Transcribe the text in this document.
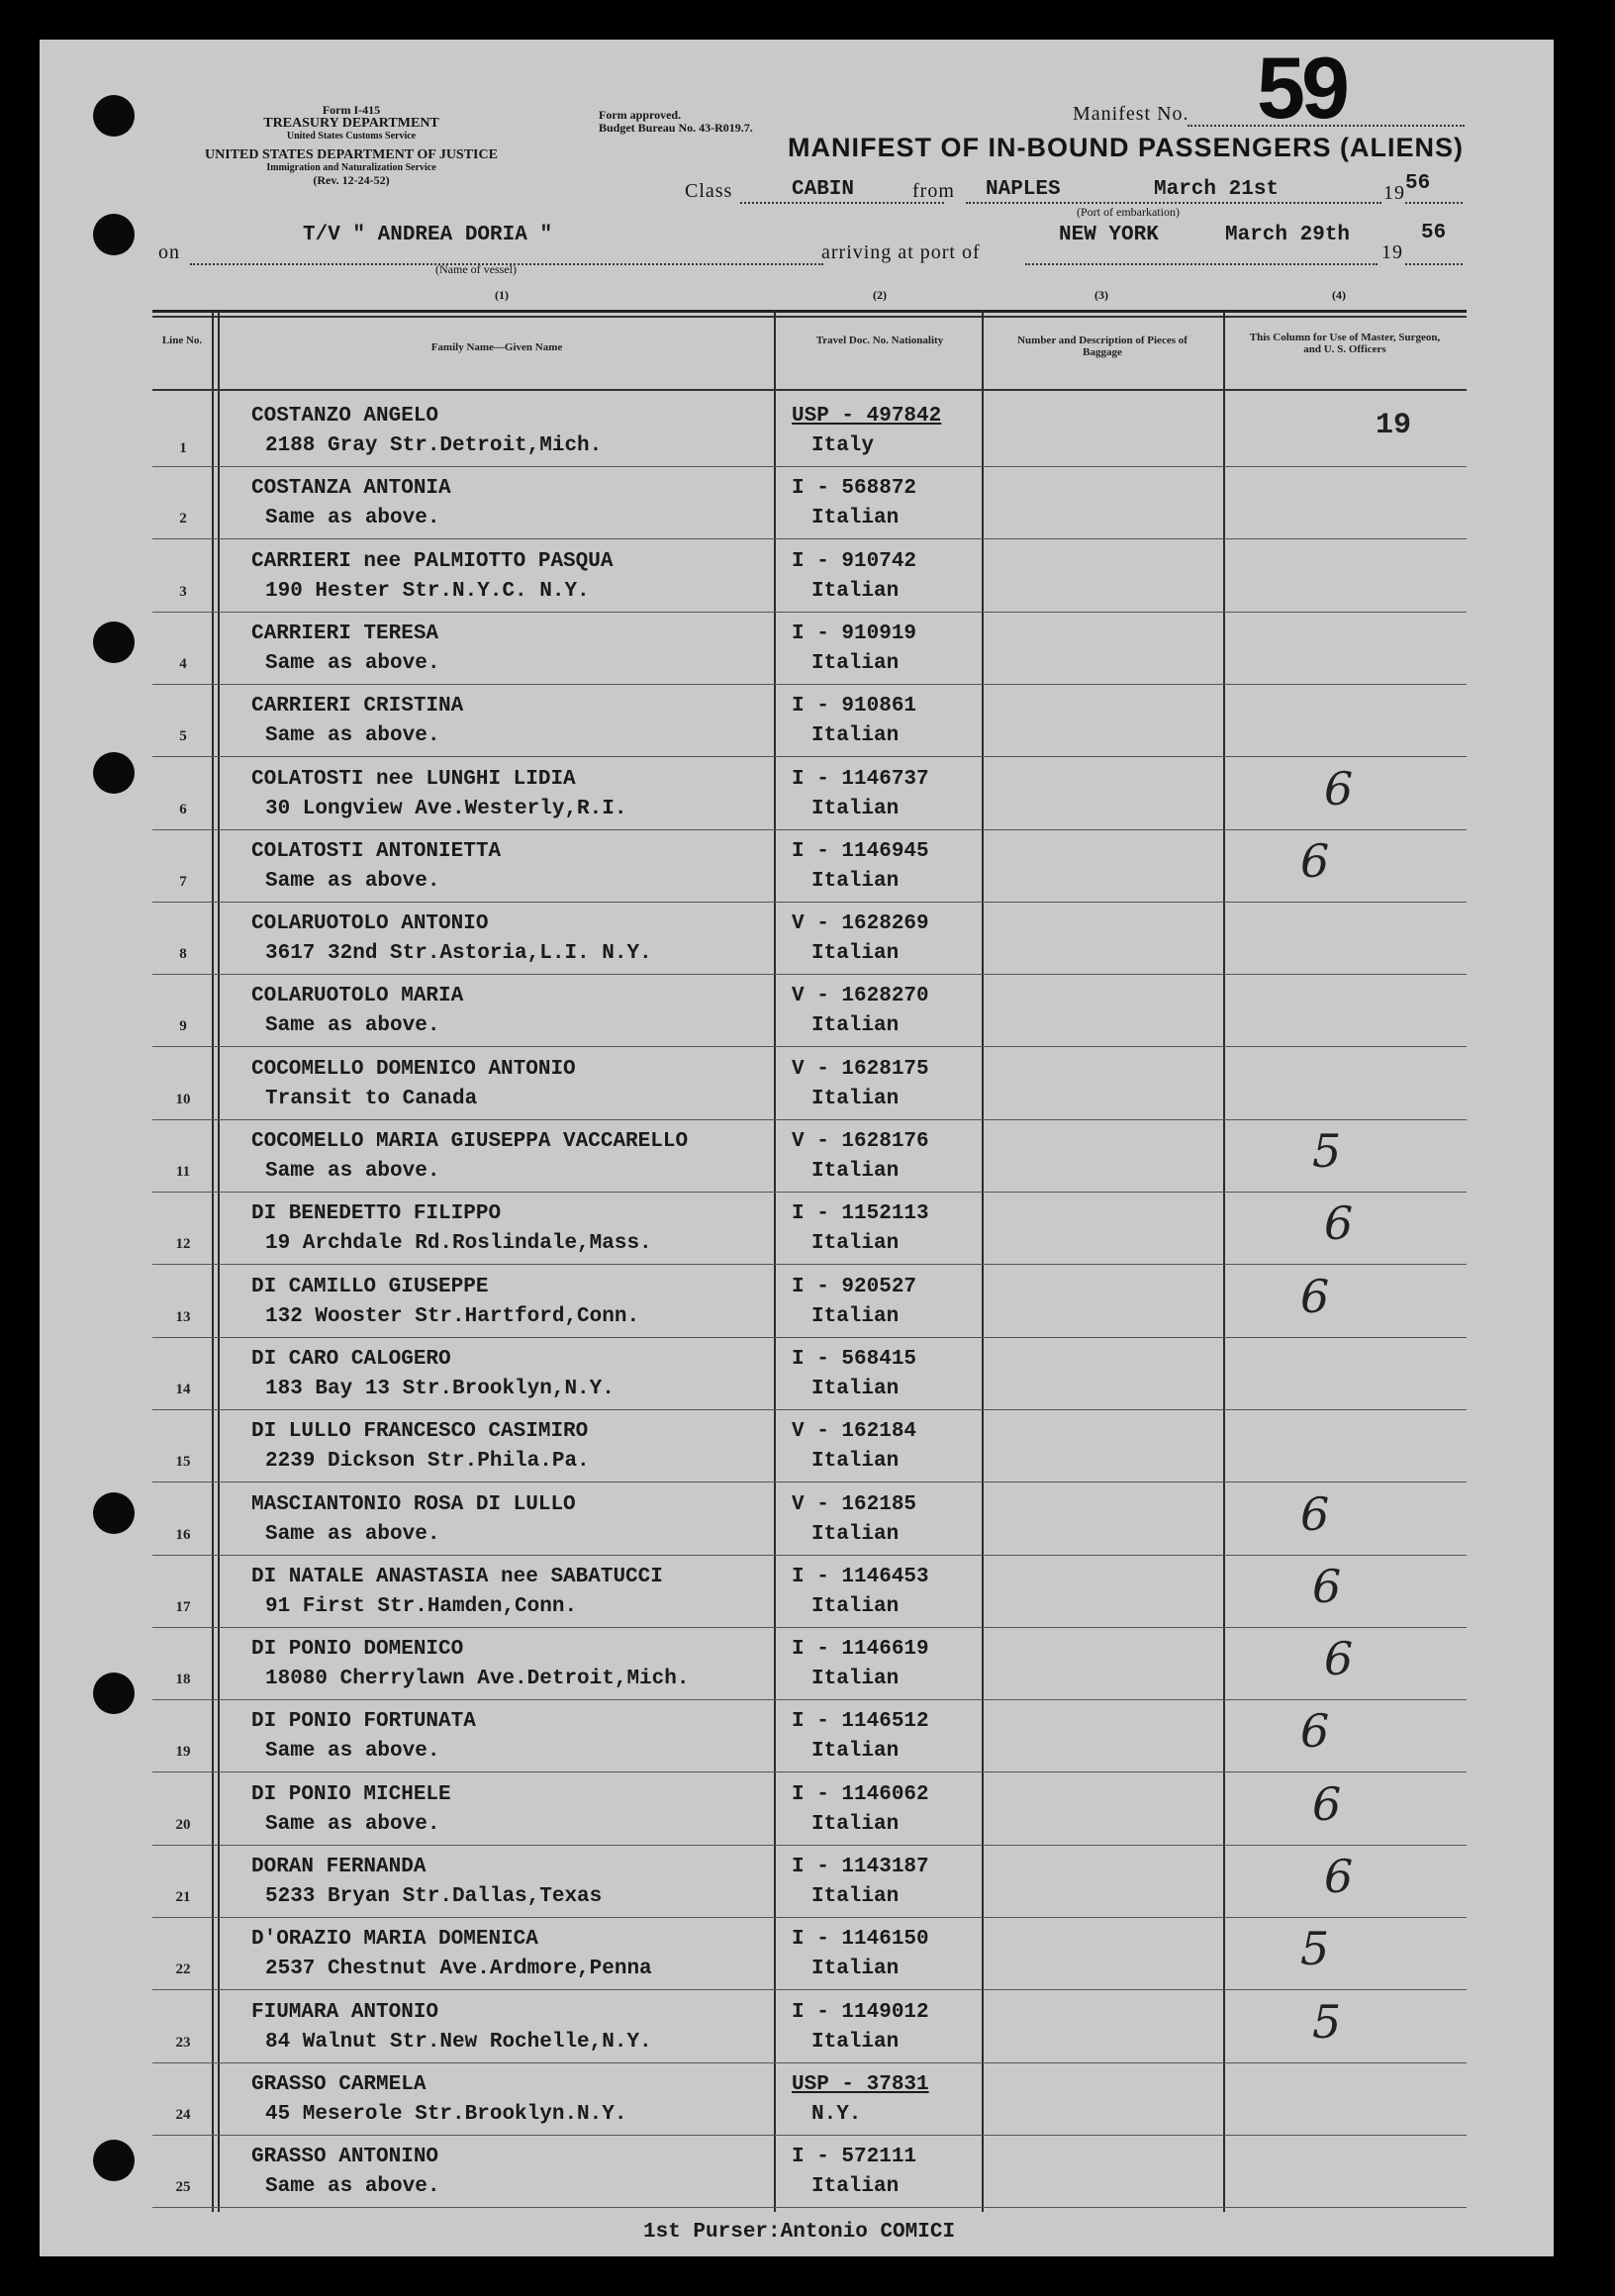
Form I-415
TREASURY DEPARTMENT
United States Customs Service
UNITED STATES DEPARTMENT OF JUSTICE
Immigration and Naturalization Service
(Rev. 12-24-52)
Form approved.
Budget Bureau No. 43-R019.7.
Manifest No. 59
MANIFEST OF IN-BOUND PASSENGERS (ALIENS)
Class	CABIN	from NAPLES	March 21st	19 56
(Port of embarkation)
on
T/V " ANDREA DORIA "
(Name of vessel)
arriving at port of
NEW YORK	March 29th
19
56
(1)	(2)	(3)	(4)
Line No.
Family Name—Given Name
Travel Doc. No. Nationality	Number and Description of Pieces of Baggage
This Column for Use of Master, Surgeon, and U. S. Officers
1
COSTANZO ANGELO
2188 Gray Str.Detroit,Mich.
USP - 497842
Italy
19
2
COSTANZA ANTONIA
Same as above.
I - 568872
Italian
3
CARRIERI nee PALMIOTTO PASQUA
190 Hester Str.N.Y.C. N.Y.
I - 910742
Italian
4
CARRIERI TERESA
Same as above.
I - 910919
Italian
5
CARRIERI CRISTINA
Same as above.
I - 910861
Italian
6
COLATOSTI nee LUNGHI LIDIA
30 Longview Ave.Westerly,R.I.
I - 1146737
Italian	6
7
COLATOSTI ANTONIETTA
Same as above.
I - 1146945
Italian	6
8
COLARUOTOLO ANTONIO
3617 32nd Str.Astoria,L.I. N.Y.
V - 1628269
Italian
9
COLARUOTOLO MARIA
Same as above.
V - 1628270
Italian
10
COCOMELLO DOMENICO ANTONIO
Transit to Canada
V - 1628175
Italian
11
COCOMELLO MARIA GIUSEPPA VACCARELLO
Same as above.
V - 1628176
Italian	5
12
DI BENEDETTO FILIPPO
19 Archdale Rd.Roslindale,Mass.
I - 1152113
Italian	6
13
DI CAMILLO GIUSEPPE
132 Wooster Str.Hartford,Conn.
I - 920527
Italian	6
14
DI CARO CALOGERO
183 Bay 13 Str.Brooklyn,N.Y.
I - 568415
Italian
15
DI LULLO FRANCESCO CASIMIRO
2239 Dickson Str.Phila.Pa.
V - 162184
Italian
16
MASCIANTONIO ROSA DI LULLO
Same as above.
V - 162185
Italian	6
17
DI NATALE ANASTASIA nee SABATUCCI
91 First Str.Hamden,Conn.
I - 1146453
Italian	6
18
DI PONIO DOMENICO
18080 Cherrylawn Ave.Detroit,Mich.
I - 1146619
Italian	6
19
DI PONIO FORTUNATA
Same as above.
I - 1146512
Italian	6
20
DI PONIO MICHELE
Same as above.
I - 1146062
Italian	6
21
DORAN FERNANDA
5233 Bryan Str.Dallas,Texas
I - 1143187
Italian	6
22
D'ORAZIO MARIA DOMENICA
2537 Chestnut Ave.Ardmore,Penna
I - 1146150
Italian	5
23
FIUMARA ANTONIO
84 Walnut Str.New Rochelle,N.Y.
I - 1149012
Italian	5
24
GRASSO CARMELA
45 Meserole Str.Brooklyn.N.Y.
USP - 37831
N.Y.
25
GRASSO ANTONINO
Same as above.
I - 572111
Italian
1st Purser:Antonio COMICI
